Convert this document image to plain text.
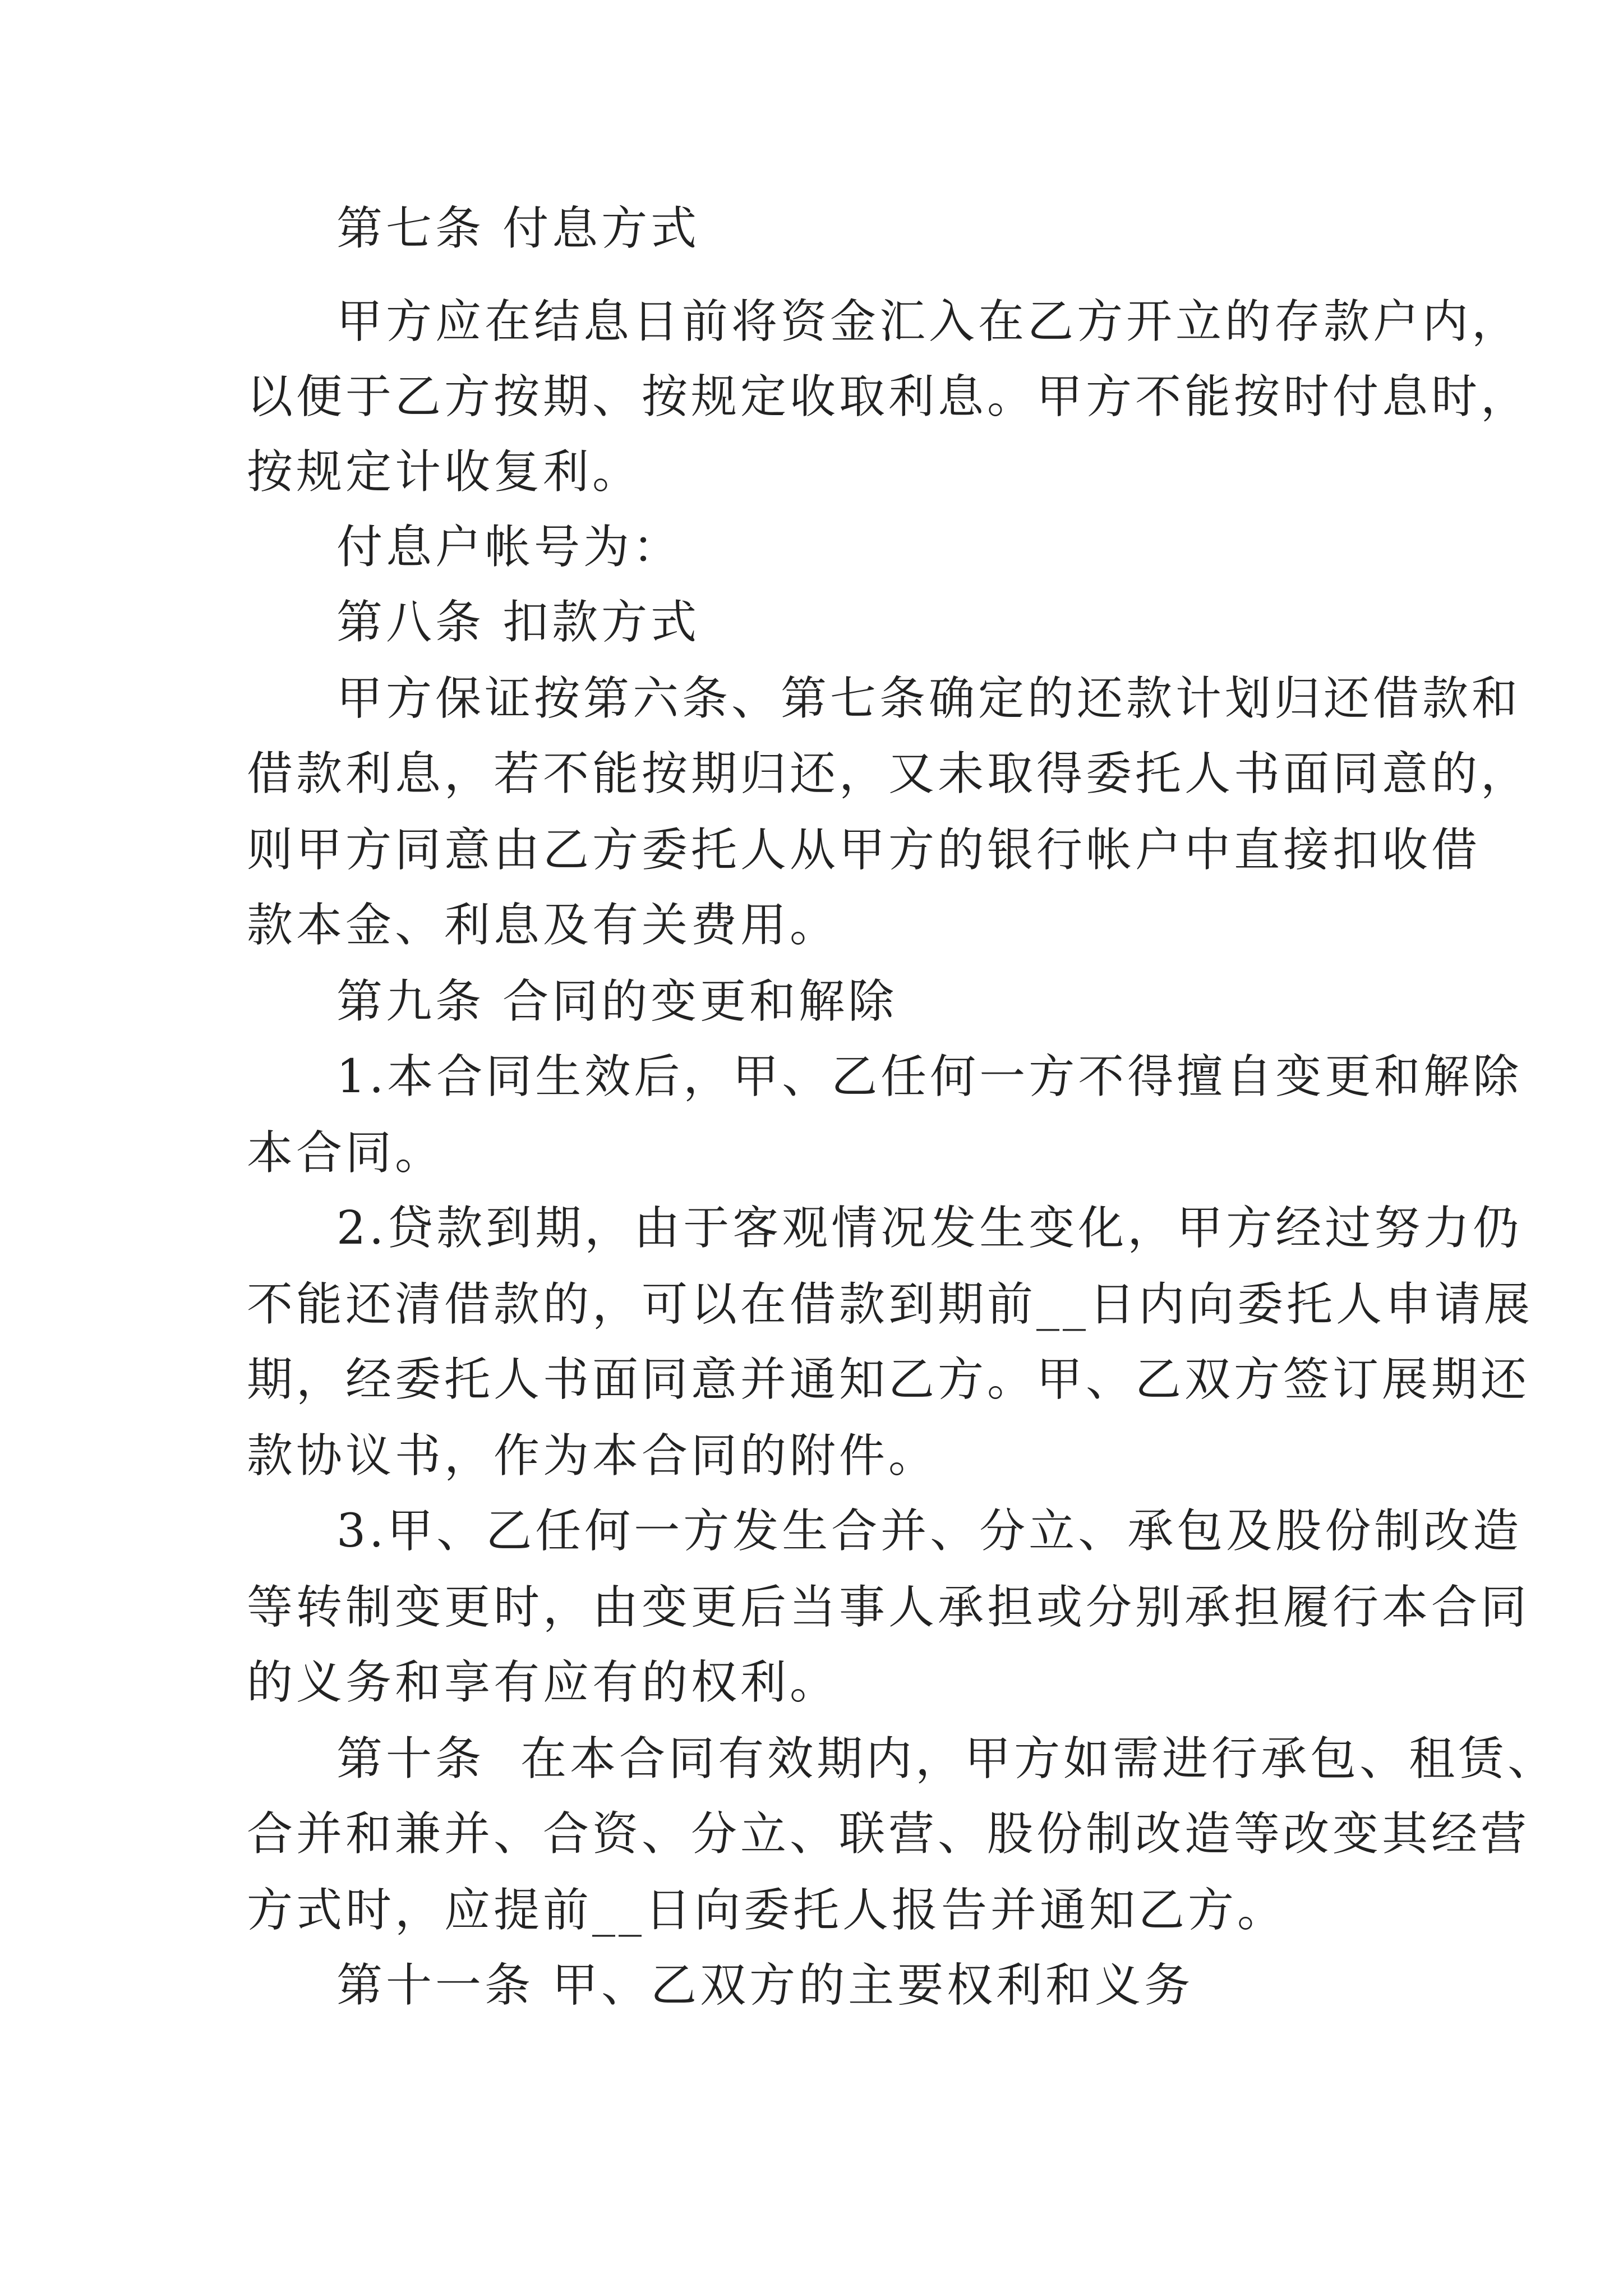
第七条 付息方式
甲方应在结息日前将资金汇入在乙方开立的存款户内，
以便于乙方按期、按规定收取利息。甲方不能按时付息时，
按规定计收复利。
付息户帐号为：
第八条 扣款方式
甲方保证按第六条、第七条确定的还款计划归还借款和
借款利息，若不能按期归还，又未取得委托人书面同意的，
则甲方同意由乙方委托人从甲方的银行帐户中直接扣收借
款本金、利息及有关费用。
第九条 合同的变更和解除
1.本合同生效后，甲、乙任何一方不得擅自变更和解除
本合同。
2.贷款到期，由于客观情况发生变化，甲方经过努力仍
不能还清借款的，可以在借款到期前__日内向委托人申请展
期，经委托人书面同意并通知乙方。甲、乙双方签订展期还
款协议书，作为本合同的附件。
3.甲、乙任何一方发生合并、分立、承包及股份制改造
等转制变更时，由变更后当事人承担或分别承担履行本合同
的义务和享有应有的权利。
第十条  在本合同有效期内，甲方如需进行承包、租赁、
合并和兼并、合资、分立、联营、股份制改造等改变其经营
方式时，应提前__日向委托人报告并通知乙方。
第十一条 甲、乙双方的主要权利和义务
